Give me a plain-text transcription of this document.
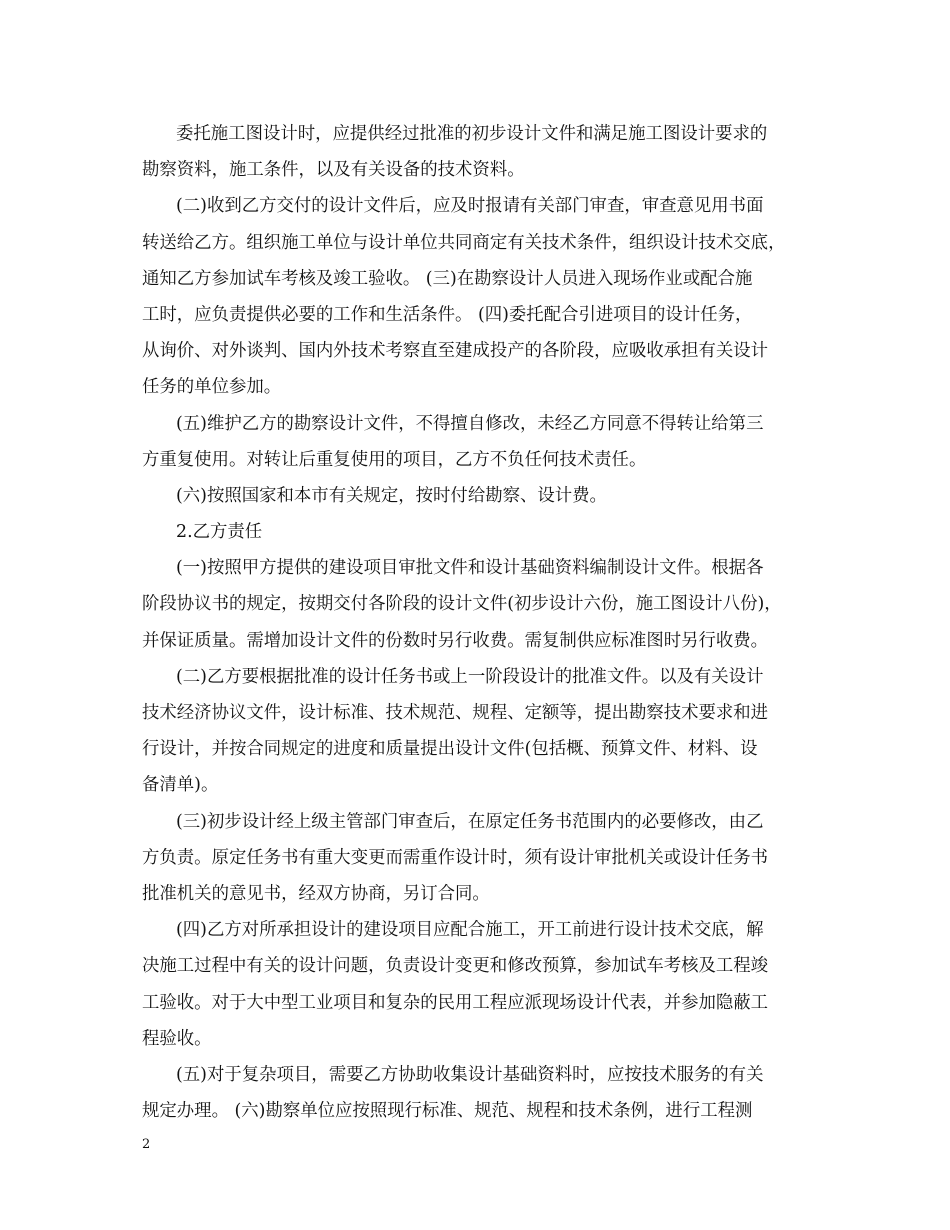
委托施工图设计时，应提供经过批准的初步设计文件和满足施工图设计要求的
勘察资料，施工条件，以及有关设备的技术资料。
(二)收到乙方交付的设计文件后，应及时报请有关部门审查，审查意见用书面
转送给乙方。组织施工单位与设计单位共同商定有关技术条件，组织设计技术交底，
通知乙方参加试车考核及竣工验收。 (三)在勘察设计人员进入现场作业或配合施
工时，应负责提供必要的工作和生活条件。 (四)委托配合引进项目的设计任务，
从询价、对外谈判、国内外技术考察直至建成投产的各阶段，应吸收承担有关设计
任务的单位参加。
(五)维护乙方的勘察设计文件，不得擅自修改，未经乙方同意不得转让给第三
方重复使用。对转让后重复使用的项目，乙方不负任何技术责任。
(六)按照国家和本市有关规定，按时付给勘察、设计费。
2.乙方责任
(一)按照甲方提供的建设项目审批文件和设计基础资料编制设计文件。根据各
阶段协议书的规定，按期交付各阶段的设计文件(初步设计六份，施工图设计八份)，
并保证质量。需增加设计文件的份数时另行收费。需复制供应标准图时另行收费。
(二)乙方要根据批准的设计任务书或上一阶段设计的批准文件。以及有关设计
技术经济协议文件，设计标准、技术规范、规程、定额等，提出勘察技术要求和进
行设计，并按合同规定的进度和质量提出设计文件(包括概、预算文件、材料、设
备清单)。
(三)初步设计经上级主管部门审查后，在原定任务书范围内的必要修改，由乙
方负责。原定任务书有重大变更而需重作设计时，须有设计审批机关或设计任务书
批准机关的意见书，经双方协商，另订合同。
(四)乙方对所承担设计的建设项目应配合施工，开工前进行设计技术交底，解
决施工过程中有关的设计问题，负责设计变更和修改预算，参加试车考核及工程竣
工验收。对于大中型工业项目和复杂的民用工程应派现场设计代表，并参加隐蔽工
程验收。
(五)对于复杂项目，需要乙方协助收集设计基础资料时，应按技术服务的有关
规定办理。 (六)勘察单位应按照现行标准、规范、规程和技术条例，进行工程测
2
